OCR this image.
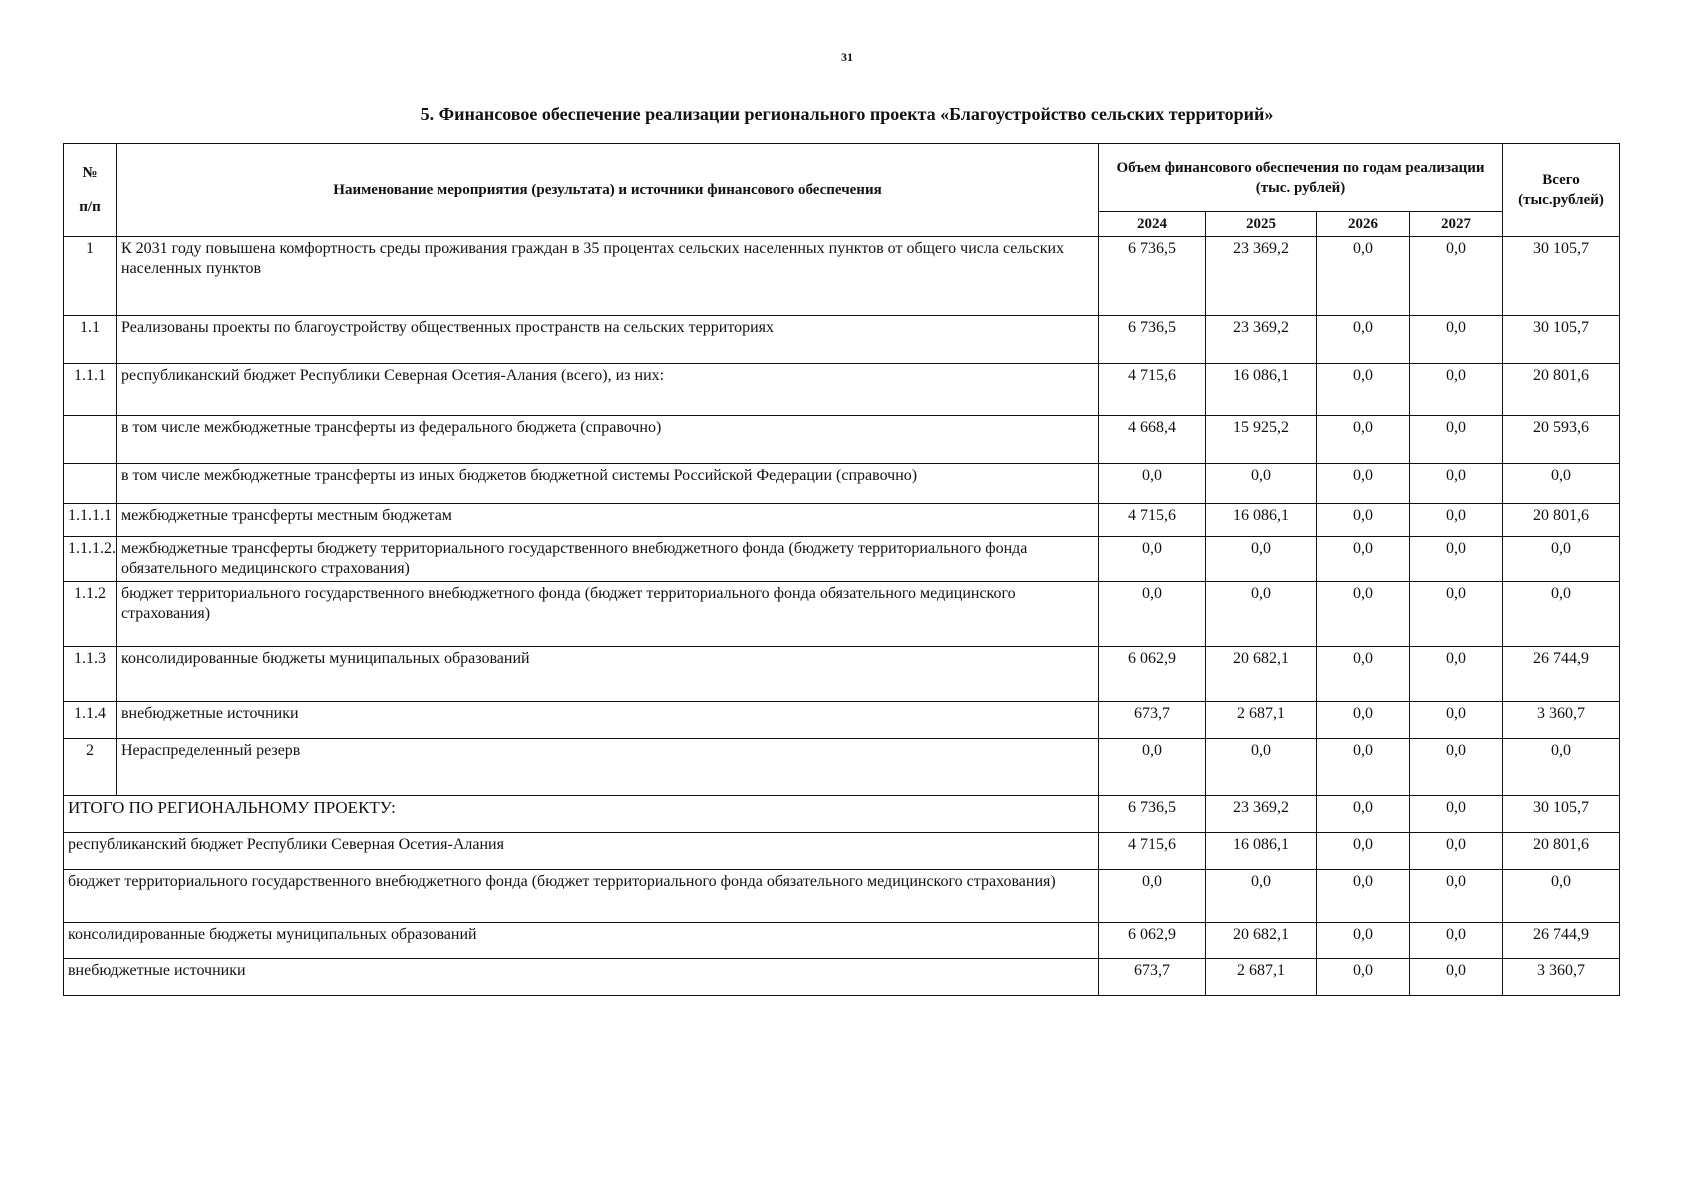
31
5. Финансовое обеспечение реализации регионального проекта «Благоустройство сельских территорий»
№
п/п	Наименование мероприятия (результата) и источники финансового обеспечения	Объем финансового обеспечения по годам реализации (тыс. рублей)				Всего (тыс.рублей)
		2024	2025	2026	2027	
1	К 2031 году повышена комфортность среды проживания граждан в 35 процентах сельских населенных пунктов от общего числа сельских населенных пунктов	6 736,5	23 369,2	0,0	0,0	30 105,7
1.1	Реализованы проекты по благоустройству общественных пространств на сельских территориях	6 736,5	23 369,2	0,0	0,0	30 105,7
1.1.1	республиканский бюджет Республики Северная Осетия-Алания (всего), из них:	4 715,6	16 086,1	0,0	0,0	20 801,6
	в том числе межбюджетные трансферты из федерального бюджета (справочно)	4 668,4	15 925,2	0,0	0,0	20 593,6
	в том числе межбюджетные трансферты из иных бюджетов бюджетной системы Российской Федерации (справочно)	0,0	0,0	0,0	0,0	0,0
1.1.1.1	межбюджетные трансферты местным бюджетам	4 715,6	16 086,1	0,0	0,0	20 801,6
1.1.1.2.	межбюджетные трансферты бюджету территориального государственного внебюджетного фонда (бюджету территориального фонда обязательного медицинского страхования)	0,0	0,0	0,0	0,0	0,0
1.1.2	бюджет территориального государственного внебюджетного фонда (бюджет территориального фонда обязательного медицинского страхования)	0,0	0,0	0,0	0,0	0,0
1.1.3	консолидированные бюджеты муниципальных образований	6 062,9	20 682,1	0,0	0,0	26 744,9
1.1.4	внебюджетные источники	673,7	2 687,1	0,0	0,0	3 360,7
2	Нераспределенный резерв	0,0	0,0	0,0	0,0	0,0
ИТОГО ПО РЕГИОНАЛЬНОМУ ПРОЕКТУ:		6 736,5	23 369,2	0,0	0,0	30 105,7
республиканский бюджет Республики Северная Осетия-Алания		4 715,6	16 086,1	0,0	0,0	20 801,6
бюджет территориального государственного внебюджетного фонда (бюджет территориального фонда обязательного медицинского страхования)		0,0	0,0	0,0	0,0	0,0
консолидированные бюджеты муниципальных образований		6 062,9	20 682,1	0,0	0,0	26 744,9
внебюджетные источники		673,7	2 687,1	0,0	0,0	3 360,7
